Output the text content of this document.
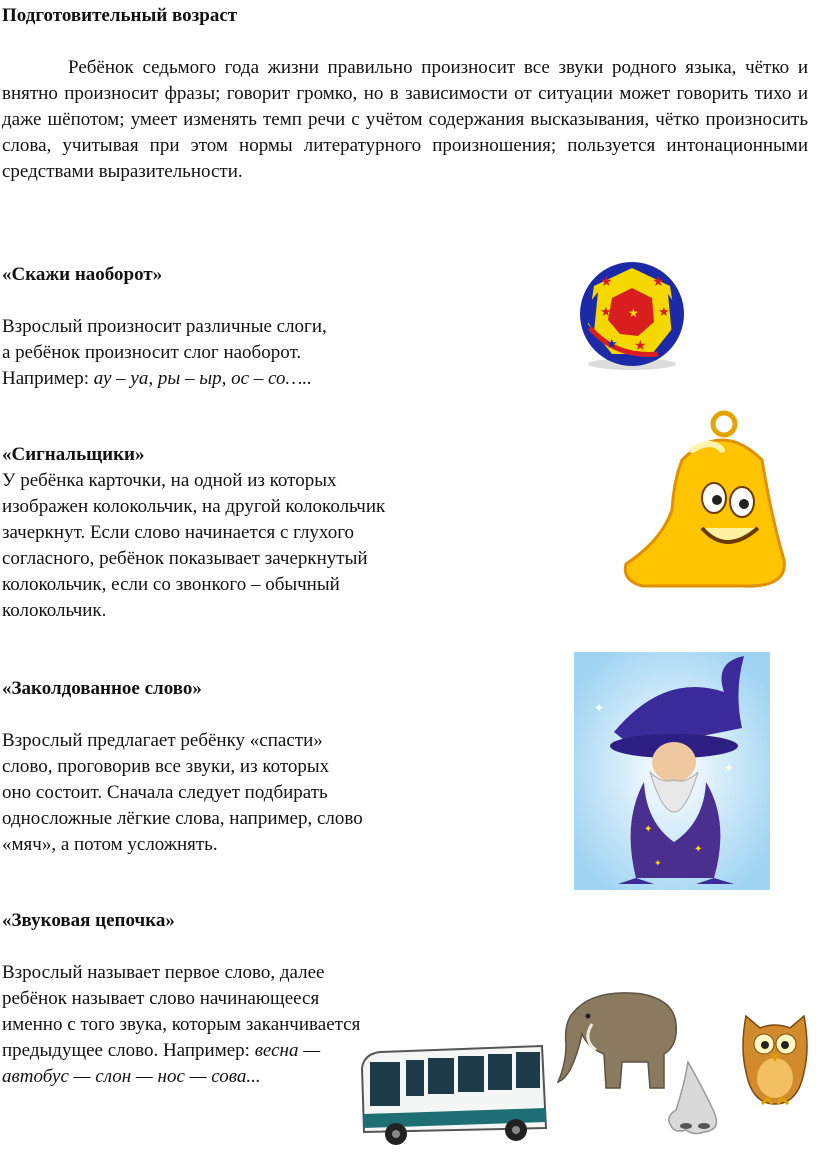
Подготовительный возраст
Ребёнок седьмого года жизни правильно произносит все звуки родного языка, чётко и внятно произносит фразы; говорит громко, но в зависимости от ситуации может говорить тихо и даже шёпотом; умеет изменять темп речи с учётом содержания высказывания, чётко произносить слова, учитывая при этом нормы литературного произношения; пользуется интонационными средствами выразительности.
«Скажи наоборот»
Взрослый произносит различные слоги,
а ребёнок произносит слог наоборот.
Например: ау – уа, ры – ыр, ос – со…..
«Сигнальщики»
У ребёнка карточки, на одной из которых
изображен колокольчик, на другой колокольчик
зачеркнут. Если слово начинается с глухого
согласного, ребёнок показывает зачеркнутый
колокольчик, если со звонкого – обычный
колокольчик.
«Заколдованное слово»
Взрослый предлагает ребёнку «спасти»
слово, проговорив все звуки, из которых
оно состоит. Сначала следует подбирать
односложные лёгкие слова, например, слово
«мяч», а потом усложнять.
«Звуковая цепочка»
Взрослый называет первое слово, далее
ребёнок называет слово начинающееся
именно с того звука, которым заканчивается
предыдущее слово. Например: весна —
автобус — слон — нос — сова...
★
★	★
★	★
★
★
✦
✦
✦
✦
✦
